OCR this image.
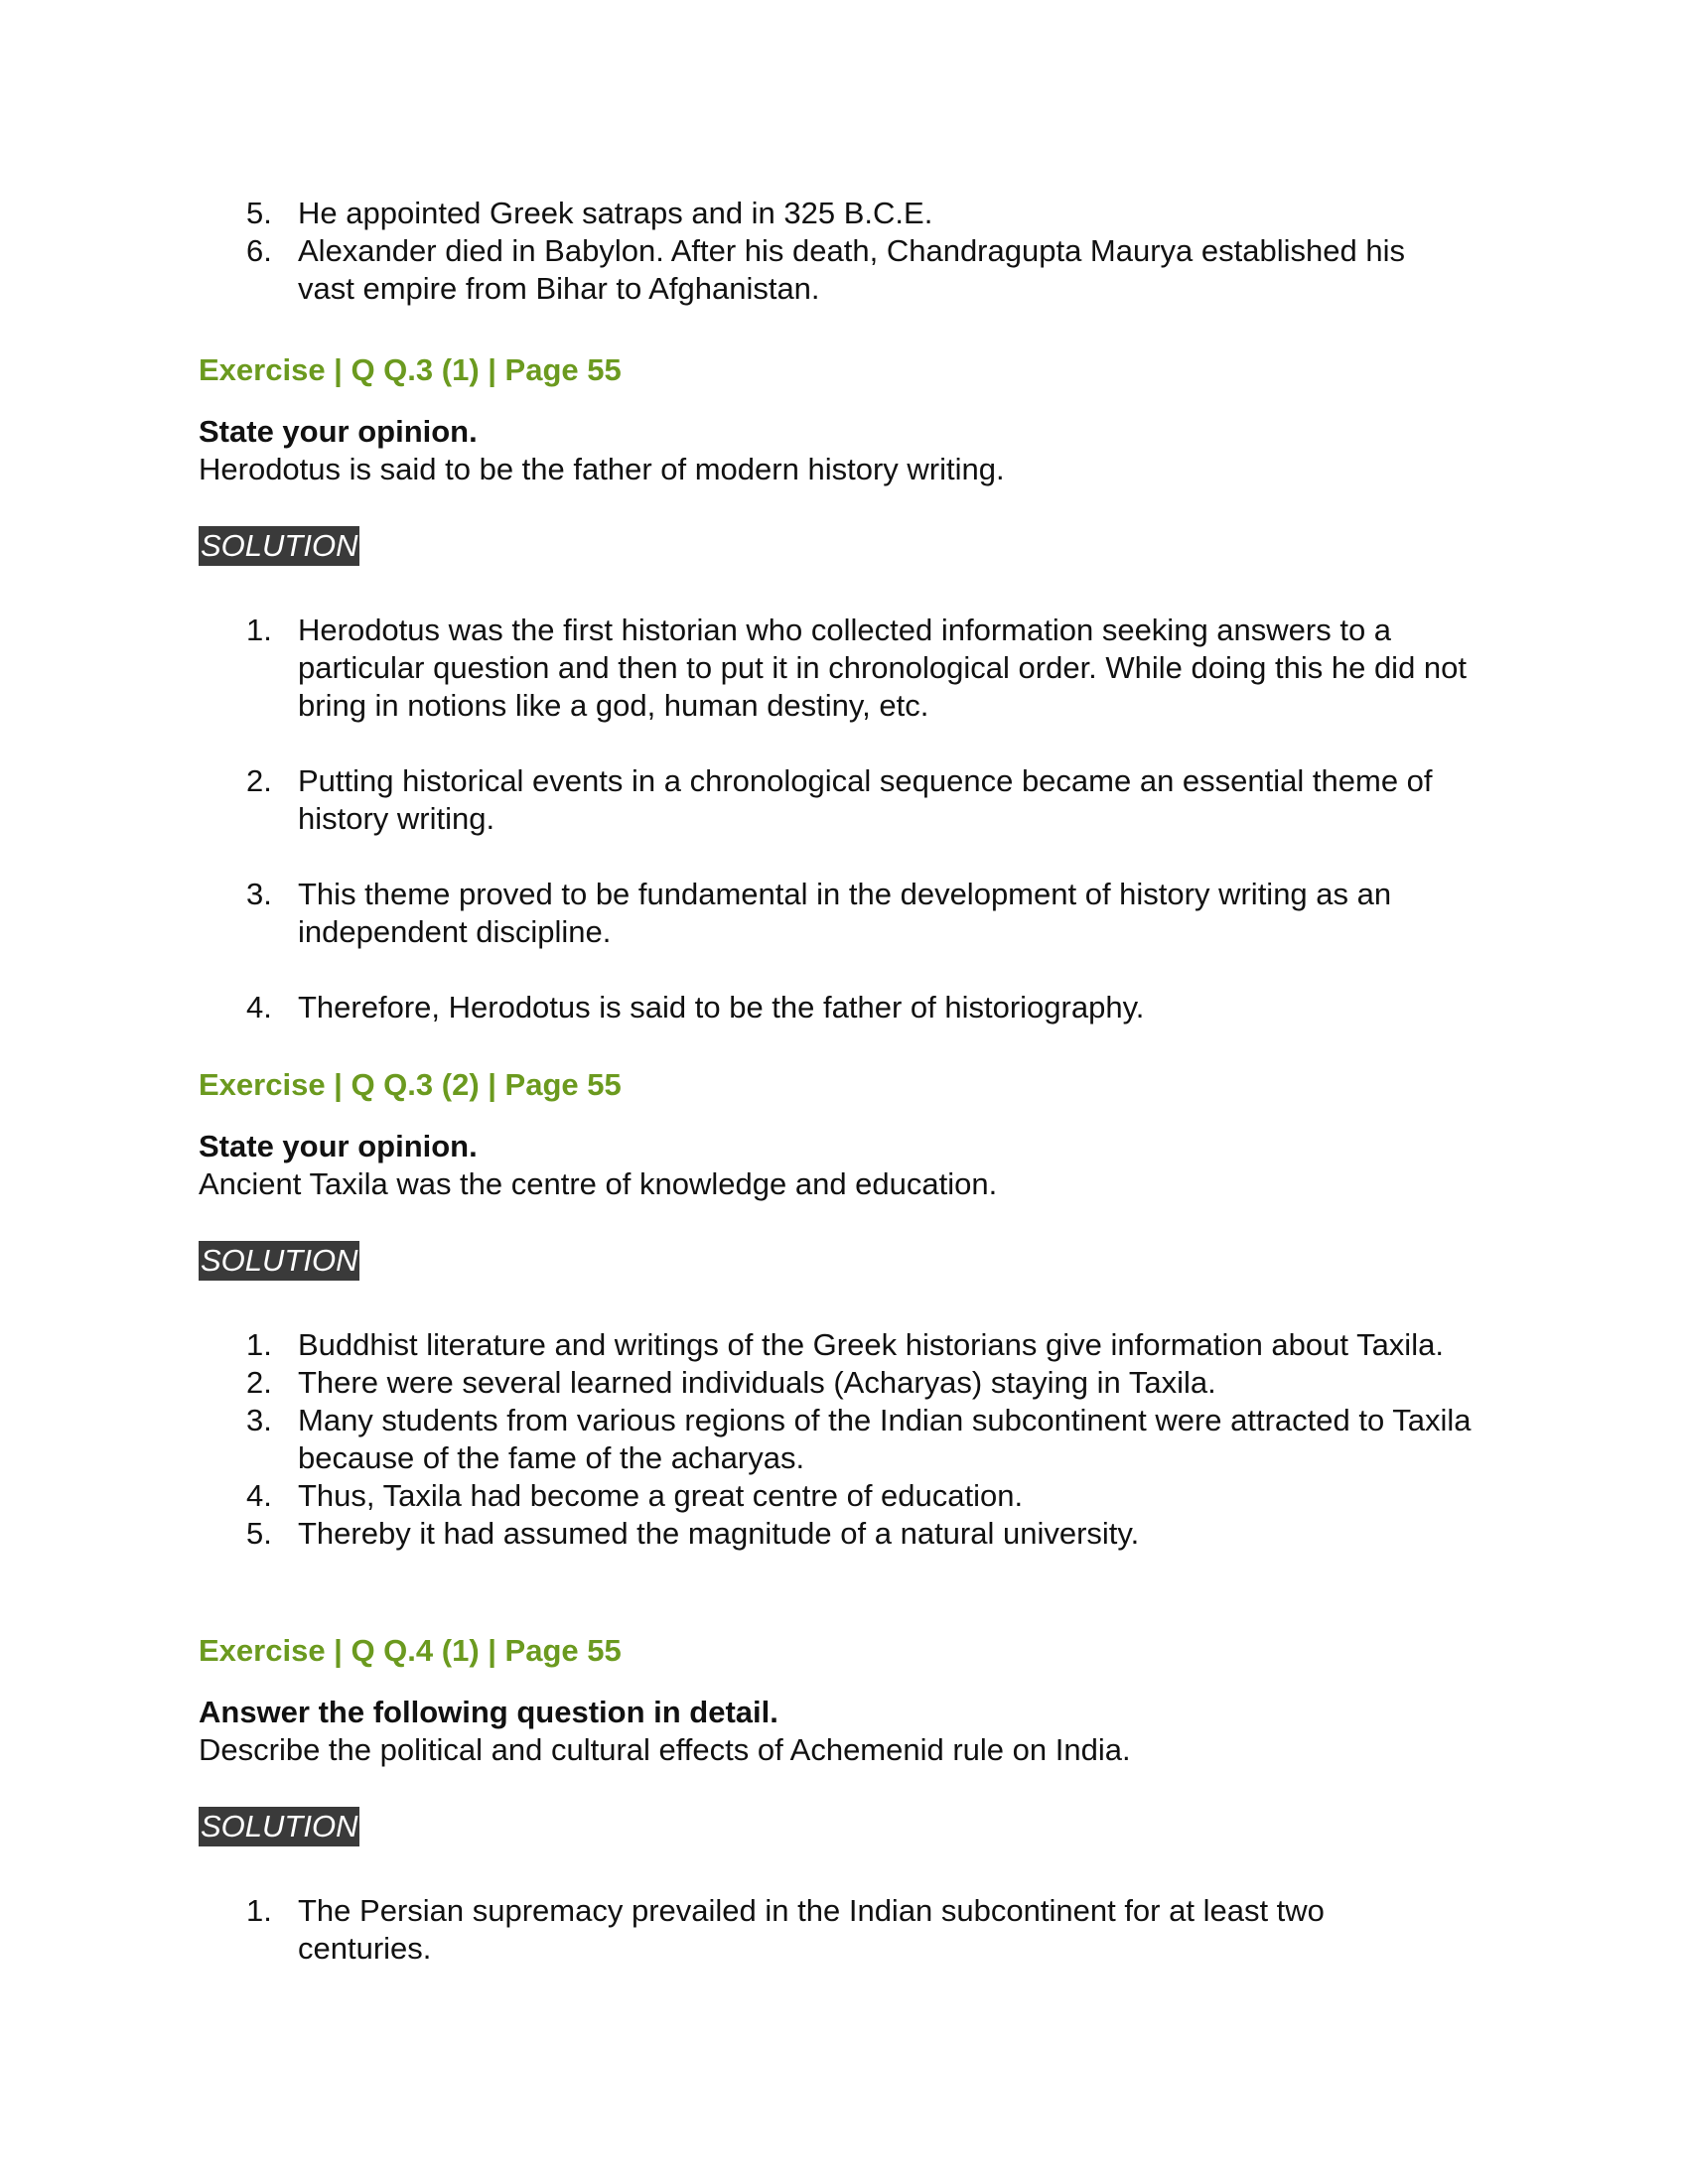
5. He appointed Greek satraps and in 325 B.C.E.
6. Alexander died in Babylon. After his death, Chandragupta Maurya established his vast empire from Bihar to Afghanistan.

Exercise | Q Q.3 (1) | Page 55

State your opinion.

Herodotus is said to be the father of modern history writing.

SOLUTION
1. Herodotus was the first historian who collected information seeking answers to a particular question and then to put it in chronological order. While doing this he did not bring in notions like a god, human destiny, etc.
2. Putting historical events in a chronological sequence became an essential theme of history writing.
3. This theme proved to be fundamental in the development of history writing as an independent discipline.
4. Therefore, Herodotus is said to be the father of historiography.

Exercise | Q Q.3 (2) | Page 55

State your opinion.

Ancient Taxila was the centre of knowledge and education.

SOLUTION
1. Buddhist literature and writings of the Greek historians give information about Taxila.
2. There were several learned individuals (Acharyas) staying in Taxila.
3. Many students from various regions of the Indian subcontinent were attracted to Taxila because of the fame of the acharyas.
4. Thus, Taxila had become a great centre of education.
5. Thereby it had assumed the magnitude of a natural university.

Exercise | Q Q.4 (1) | Page 55

Answer the following question in detail.

Describe the political and cultural effects of Achemenid rule on India.

SOLUTION
1. The Persian supremacy prevailed in the Indian subcontinent for at least two centuries.
